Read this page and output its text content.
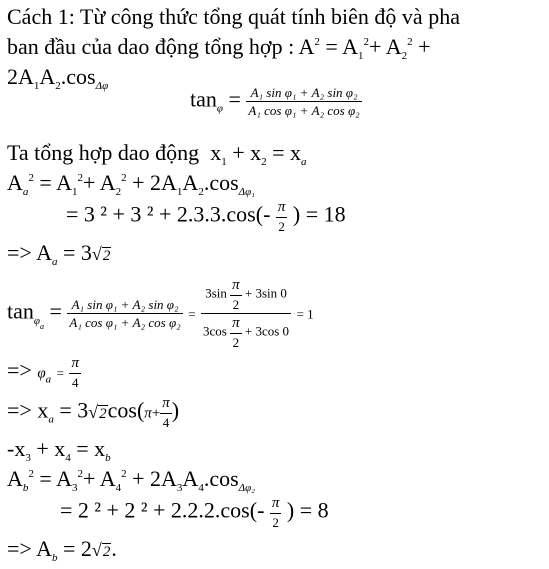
Cách 1: Từ công thức tổng quát tính biên độ và pha
ban đầu của dao động tổng hợp : $A^2 = A_1^2+ A_2^2$ +
$2A_1A_2.\cos_{\Delta\varphi}$
$\tan_\varphi = \frac{\text{A₁ sin φ₁ + A₂ sin φ₂}}{\text{A₁ cos φ₁ + A₂ cos φ₂}}$
Ta tổng hợp dao động $x_1 + x_2 = x_a$
$A_a^2 = A_1^2+ A_2^2 + 2A_1A_2.\cos_{\Delta\varphi_1}$
= 3 ² + 3 $^2 + 2.3.3.\cos(- \frac{\pi}{2}$ ) = 18
=> $A_a = 3√2$
$\tan_{\varphi_a} = \frac{\text{A₁ sin φ₁ + A₂ sin φ₂}}{\text{A₁ cos φ₁ + A₂ cos φ₂}} = \frac{3\sin \frac{\pi}{2} + 3\sin 0}{3\cos \frac{\pi}{2} + 3\cos 0} = 1$
=> $\varphi_a = \frac{\pi}{4}$
=> $x_a = 3√2\cos(\pi+ \frac{\pi}{4}$ )
$-x_3 + x_4 = x_b$
$A_b^2 = A_3^2+ A_4^2 + 2A_3A_4.\cos_{\Delta\varphi_2}$
= 2 ² + 2 $^2 + 2.2.2.\cos(- \frac{\pi}{2}$ ) = 8
=> $A_b = 2√2$.
